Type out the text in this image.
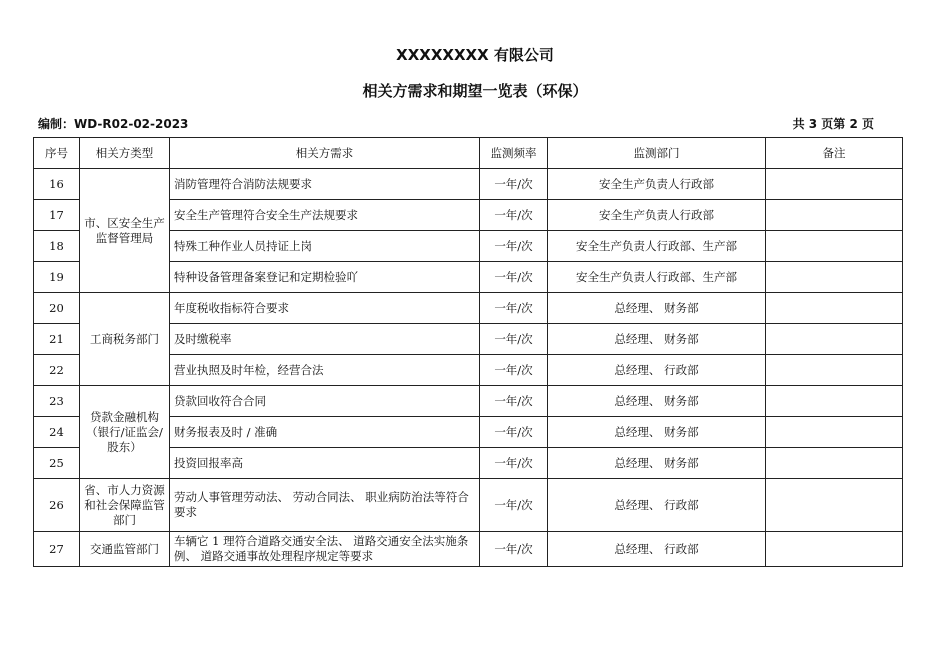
XXXXXXXX 有限公司
相关方需求和期望一览表（环保）
编制：WD-R02-02-2023	共 3 页第 2 页
序号	相关方类型	相关方需求	监测频率	监测部门	备注
16	市、区安全生产监督管理局	消防管理符合消防法规要求	一年/次	安全生产负责人行政部	
17		安全生产管理符合安全生产法规要求	一年/次	安全生产负责人行政部	
18		特殊工种作业人员持证上岗	一年/次	安全生产负责人行政部、生产部	
19		特种设备管理备案登记和定期检验吖	一年/次	安全生产负责人行政部、生产部	
20	工商税务部门	年度税收指标符合要求	一年/次	总经理、 财务部	
21		及时缴税率	一年/次	总经理、 财务部	
22		营业执照及时年检，经营合法	一年/次	总经理、 行政部	
23	贷款金融机构（银行/证监会/股东）	贷款回收符合合同	一年/次	总经理、 财务部	
24		财务报表及时 / 准确	一年/次	总经理、 财务部	
25		投资回报率高	一年/次	总经理、 财务部	
26	省、市人力资源和社会保障监管部门	劳动人事管理劳动法、 劳动合同法、 职业病防治法等符合要求	一年/次	总经理、 行政部	
27	交通监管部门	车辆它 1 理符合道路交通安全法、 道路交通安全法实施条例、 道路交通事故处理程序规定等要求	一年/次	总经理、 行政部	
